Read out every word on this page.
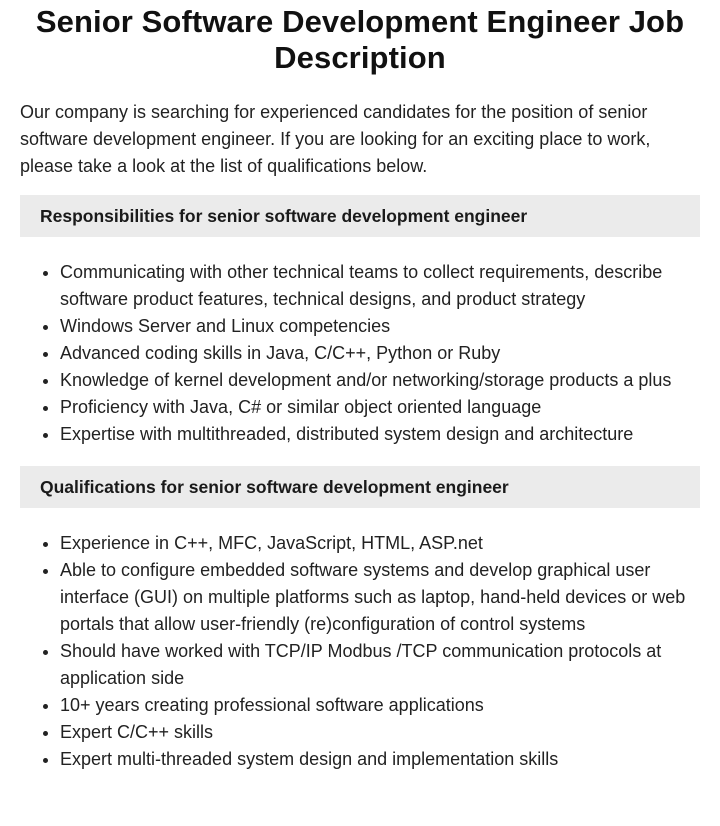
Senior Software Development Engineer Job Description

Our company is searching for experienced candidates for the position of senior software development engineer. If you are looking for an exciting place to work, please take a look at the list of qualifications below.

Responsibilities for senior software development engineer
• Communicating with other technical teams to collect requirements, describe software product features, technical designs, and product strategy
• Windows Server and Linux competencies
• Advanced coding skills in Java, C/C++, Python or Ruby
• Knowledge of kernel development and/or networking/storage products a plus
• Proficiency with Java, C# or similar object oriented language
• Expertise with multithreaded, distributed system design and architecture
Qualifications for senior software development engineer
• Experience in C++, MFC, JavaScript, HTML, ASP.net
• Able to configure embedded software systems and develop graphical user interface (GUI) on multiple platforms such as laptop, hand-held devices or web portals that allow user-friendly (re)configuration of control systems
• Should have worked with TCP/IP Modbus /TCP communication protocols at application side
• 10+ years creating professional software applications
• Expert C/C++ skills
• Expert multi-threaded system design and implementation skills
